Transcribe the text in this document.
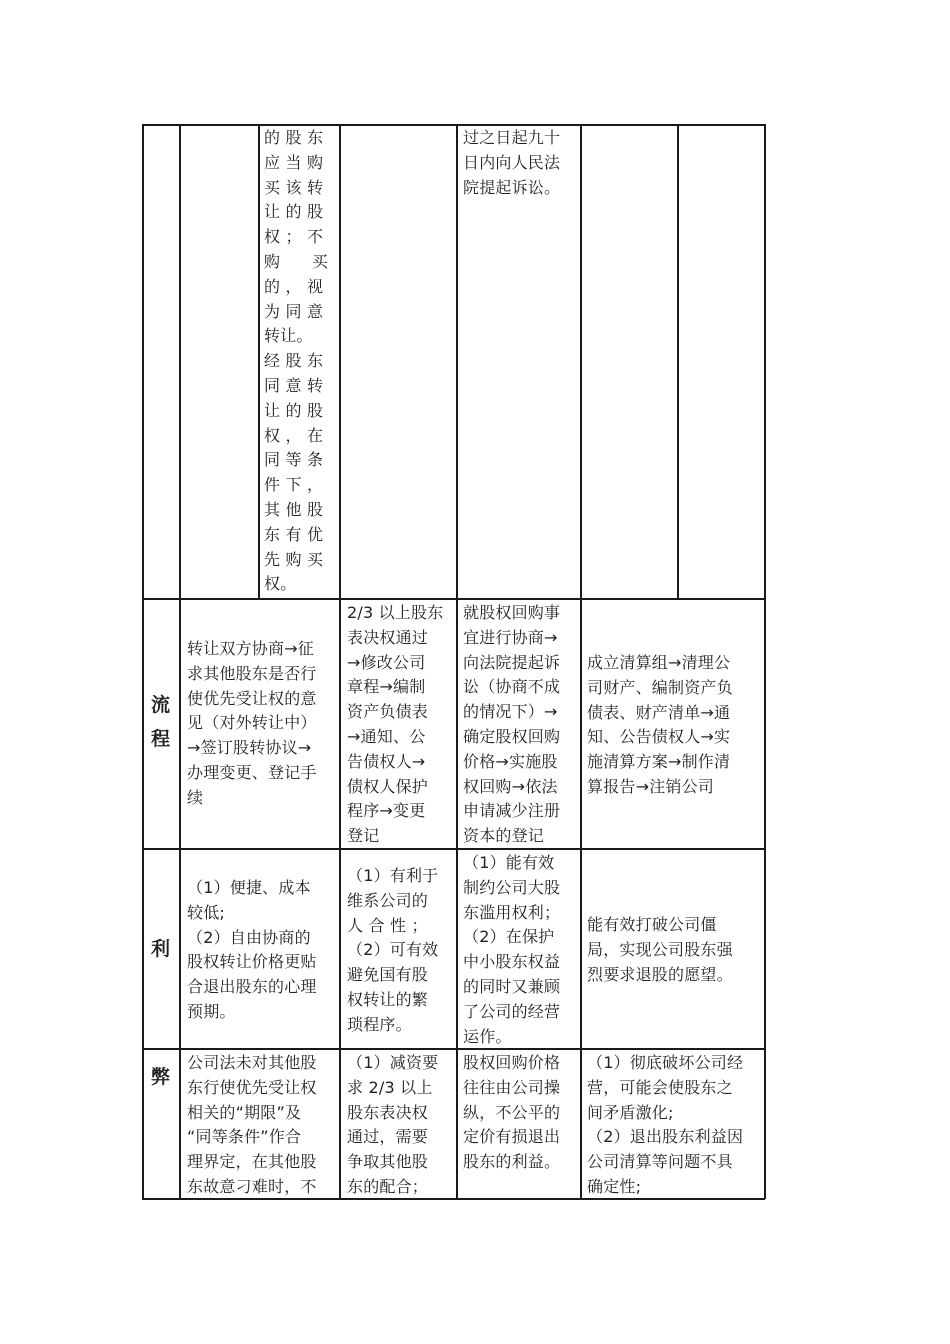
的 股 东
应 当 购
买 该 转
让 的 股
权 ； 不
购      买
的 ， 视
为 同 意
转让。
经 股 东
同 意 转
让 的 股
权 ， 在
同 等 条
件 下 ，
其 他 股
东 有 优
先 购 买
权。
过之日起九十
日内向人民法
院提起诉讼。
流
程
转让双方协商→征
求其他股东是否行
使优先受让权的意
见（对外转让中）
→签订股转协议→
办理变更、登记手
续
2/3 以上股东
表决权通过
→修改公司
章程→编制
资产负债表
→通知、公
告债权人→
债权人保护
程序→变更
登记
就股权回购事
宜进行协商→
向法院提起诉
讼（协商不成
的情况下）→
确定股权回购
价格→实施股
权回购→依法
申请减少注册
资本的登记
成立清算组→清理公
司财产、编制资产负
债表、财产清单→通
知、公告债权人→实
施清算方案→制作清
算报告→注销公司
利
（1）便捷、成本
较低;
（2）自由协商的
股权转让价格更贴
合退出股东的心理
预期。
（1）有利于
维系公司的
人 合 性 ；
（2）可有效
避免国有股
权转让的繁
琐程序。
（1）能有效
制约公司大股
东滥用权利；
（2）在保护
中小股东权益
的同时又兼顾
了公司的经营
运作。
能有效打破公司僵
局，实现公司股东强
烈要求退股的愿望。
弊
公司法未对其他股
东行使优先受让权
相关的“期限”及
“同等条件”作合
理界定，在其他股
东故意刁难时，不
（1）减资要
求 2/3 以上
股东表决权
通过，需要
争取其他股
东的配合；
股权回购价格
往往由公司操
纵，不公平的
定价有损退出
股东的利益。
（1）彻底破坏公司经
营，可能会使股东之
间矛盾激化;
（2）退出股东利益因
公司清算等问题不具
确定性;
